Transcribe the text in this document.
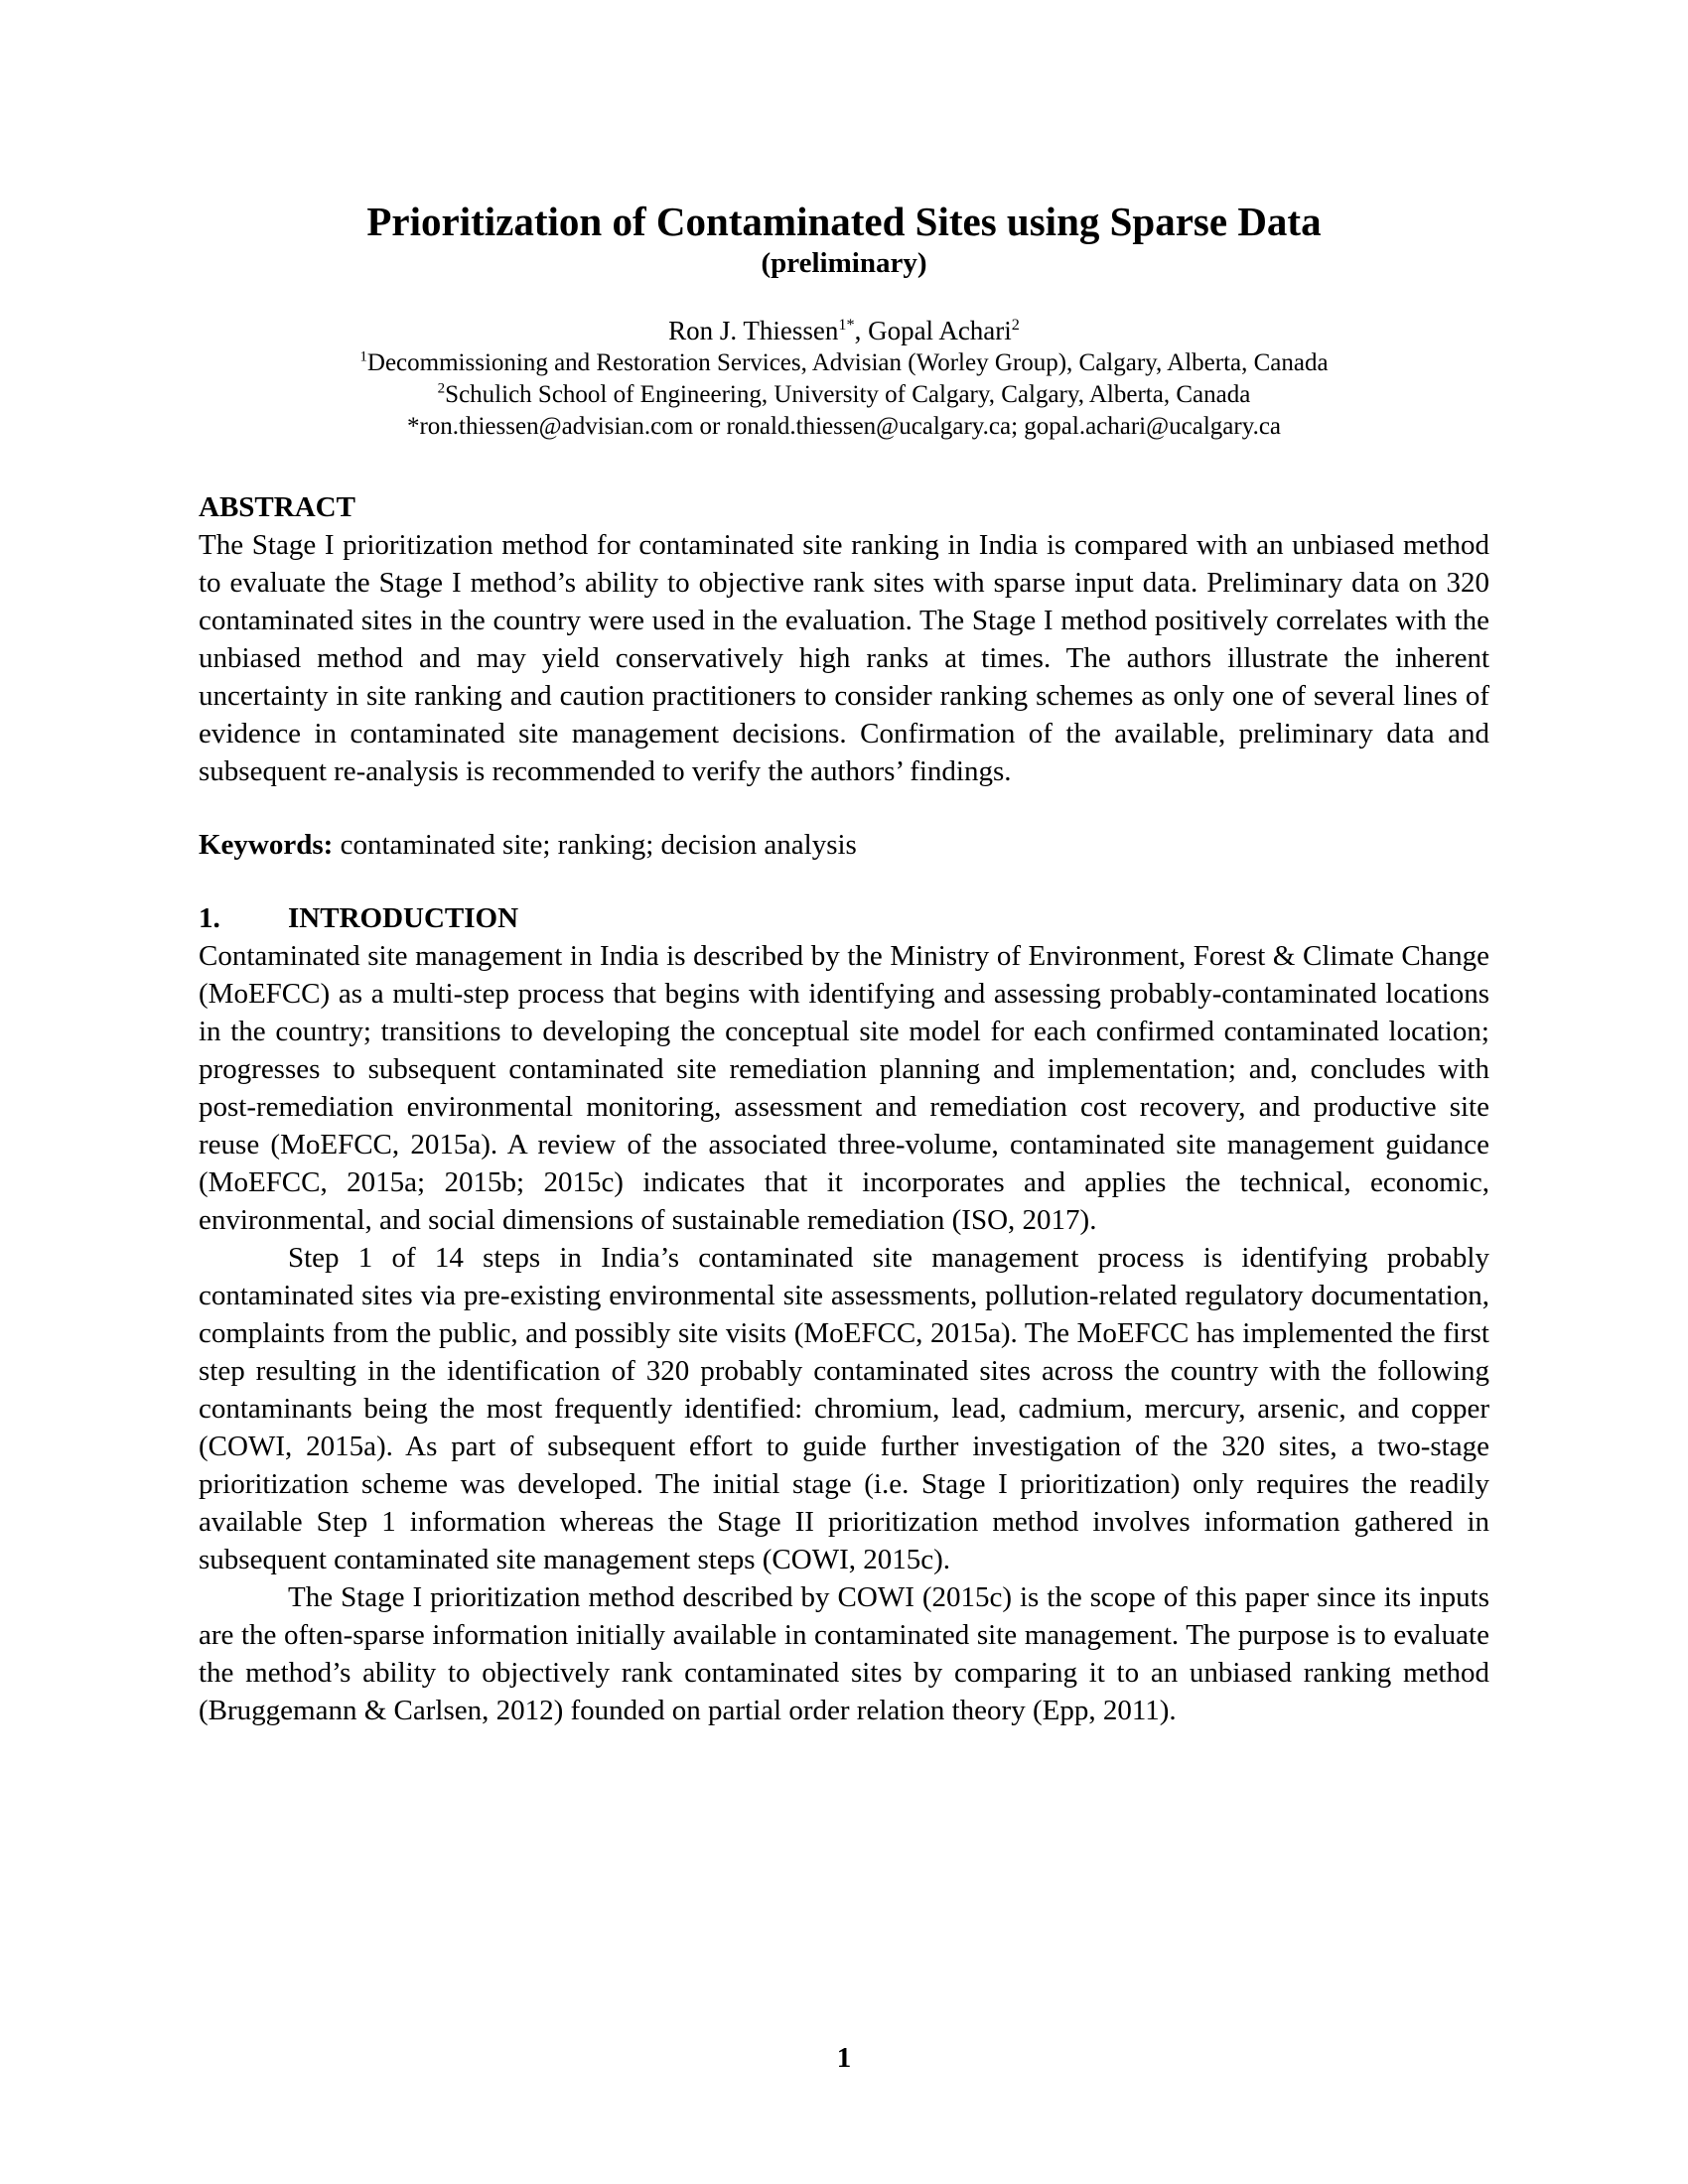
Prioritization of Contaminated Sites using Sparse Data
(preliminary)
Ron J. Thiessen$^{1*}$, Gopal Achari$^2$
$^1$Decommissioning and Restoration Services, Advisian (Worley Group), Calgary, Alberta, Canada
$^2$Schulich School of Engineering, University of Calgary, Calgary, Alberta, Canada
*ron.thiessen@advisian.com or ronald.thiessen@ucalgary.ca; gopal.achari@ucalgary.ca
ABSTRACT

The Stage I prioritization method for contaminated site ranking in India is compared with an unbiased method to evaluate the Stage I method’s ability to objective rank sites with sparse input data. Preliminary data on 320 contaminated sites in the country were used in the evaluation. The Stage I method positively correlates with the unbiased method and may yield conservatively high ranks at times. The authors illustrate the inherent uncertainty in site ranking and caution practitioners to consider ranking schemes as only one of several lines of evidence in contaminated site management decisions. Confirmation of the available, preliminary data and subsequent re-analysis is recommended to verify the authors’ findings.

Keywords: contaminated site; ranking; decision analysis
1. INTRODUCTION

Contaminated site management in India is described by the Ministry of Environment, Forest & Climate Change (MoEFCC) as a multi-step process that begins with identifying and assessing probably-contaminated locations in the country; transitions to developing the conceptual site model for each confirmed contaminated location; progresses to subsequent contaminated site remediation planning and implementation; and, concludes with post-remediation environmental monitoring, assessment and remediation cost recovery, and productive site reuse (MoEFCC, 2015a). A review of the associated three-volume, contaminated site management guidance (MoEFCC, 2015a; 2015b; 2015c) indicates that it incorporates and applies the technical, economic, environmental, and social dimensions of sustainable remediation (ISO, 2017).

Step 1 of 14 steps in India’s contaminated site management process is identifying probably contaminated sites via pre-existing environmental site assessments, pollution-related regulatory documentation, complaints from the public, and possibly site visits (MoEFCC, 2015a). The MoEFCC has implemented the first step resulting in the identification of 320 probably contaminated sites across the country with the following contaminants being the most frequently identified: chromium, lead, cadmium, mercury, arsenic, and copper (COWI, 2015a). As part of subsequent effort to guide further investigation of the 320 sites, a two-stage prioritization scheme was developed. The initial stage (i.e. Stage I prioritization) only requires the readily available Step 1 information whereas the Stage II prioritization method involves information gathered in subsequent contaminated site management steps (COWI, 2015c).

The Stage I prioritization method described by COWI (2015c) is the scope of this paper since its inputs are the often-sparse information initially available in contaminated site management. The purpose is to evaluate the method’s ability to objectively rank contaminated sites by comparing it to an unbiased ranking method (Bruggemann & Carlsen, 2012) founded on partial order relation theory (Epp, 2011).

1
